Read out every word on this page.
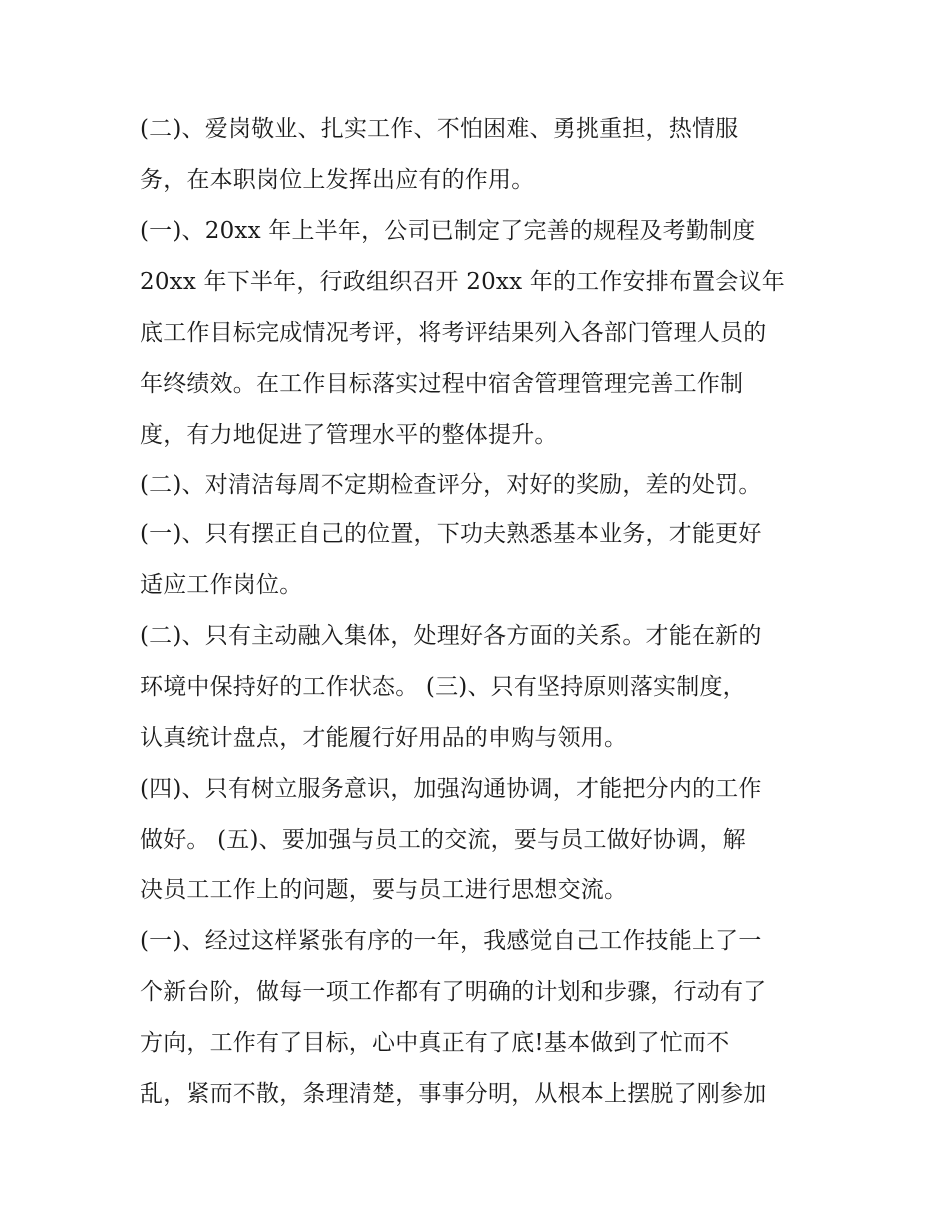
(二)、爱岗敬业、扎实工作、不怕困难、勇挑重担，热情服
务，在本职岗位上发挥出应有的作用。
(一)、20xx 年上半年，公司已制定了完善的规程及考勤制度
20xx 年下半年，行政组织召开 20xx 年的工作安排布置会议年
底工作目标完成情况考评，将考评结果列入各部门管理人员的
年终绩效。在工作目标落实过程中宿舍管理管理完善工作制
度，有力地促进了管理水平的整体提升。
(二)、对清洁每周不定期检查评分，对好的奖励，差的处罚。
(一)、只有摆正自己的位置，下功夫熟悉基本业务，才能更好
适应工作岗位。
(二)、只有主动融入集体，处理好各方面的关系。才能在新的
环境中保持好的工作状态。 (三)、只有坚持原则落实制度，
认真统计盘点，才能履行好用品的申购与领用。
(四)、只有树立服务意识，加强沟通协调，才能把分内的工作
做好。 (五)、要加强与员工的交流，要与员工做好协调，解
决员工工作上的问题，要与员工进行思想交流。
(一)、经过这样紧张有序的一年，我感觉自己工作技能上了一
个新台阶，做每一项工作都有了明确的计划和步骤，行动有了
方向，工作有了目标，心中真正有了底!基本做到了忙而不
乱，紧而不散，条理清楚，事事分明，从根本上摆脱了刚参加
